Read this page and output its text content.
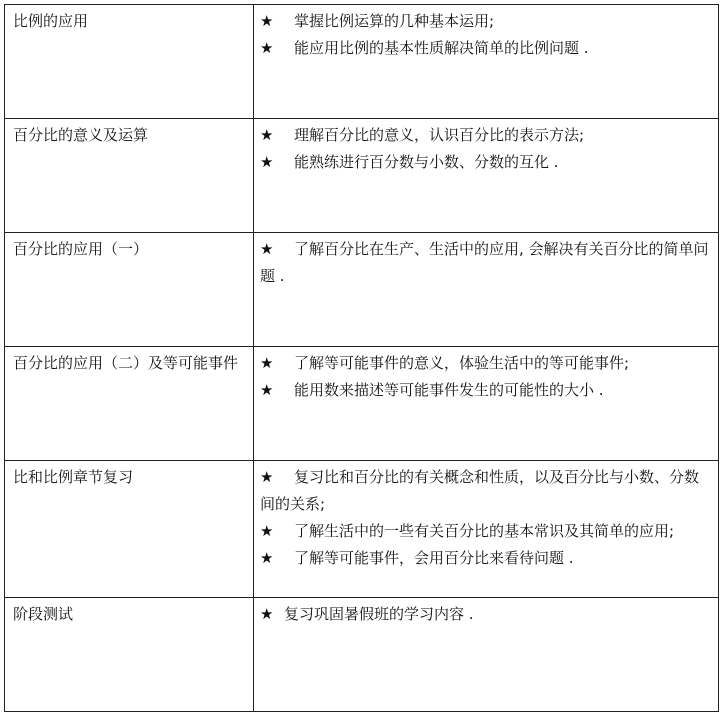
比例的应用	★ 掌握比例运算的几种基本运用;
★ 能应用比例的基本性质解决简单的比例问题 .

百分比的意义及运算	★ 理解百分比的意义，认识百分比的表示方法;
★ 能熟练进行百分数与小数、分数的互化 .

百分比的应用（一）	★ 了解百分比在生产、生活中的应用, 会解决有关百分比的简单问题 .

百分比的应用（二）及等可能事件	★ 了解等可能事件的意义，体验生活中的等可能事件;
★ 能用数来描述等可能事件发生的可能性的大小 .

比和比例章节复习	★ 复习比和百分比的有关概念和性质，以及百分比与小数、分数间的关系;
★ 了解生活中的一些有关百分比的基本常识及其简单的应用;
★ 了解等可能事件，会用百分比来看待问题 .

阶段测试	★ 复习巩固暑假班的学习内容 .
